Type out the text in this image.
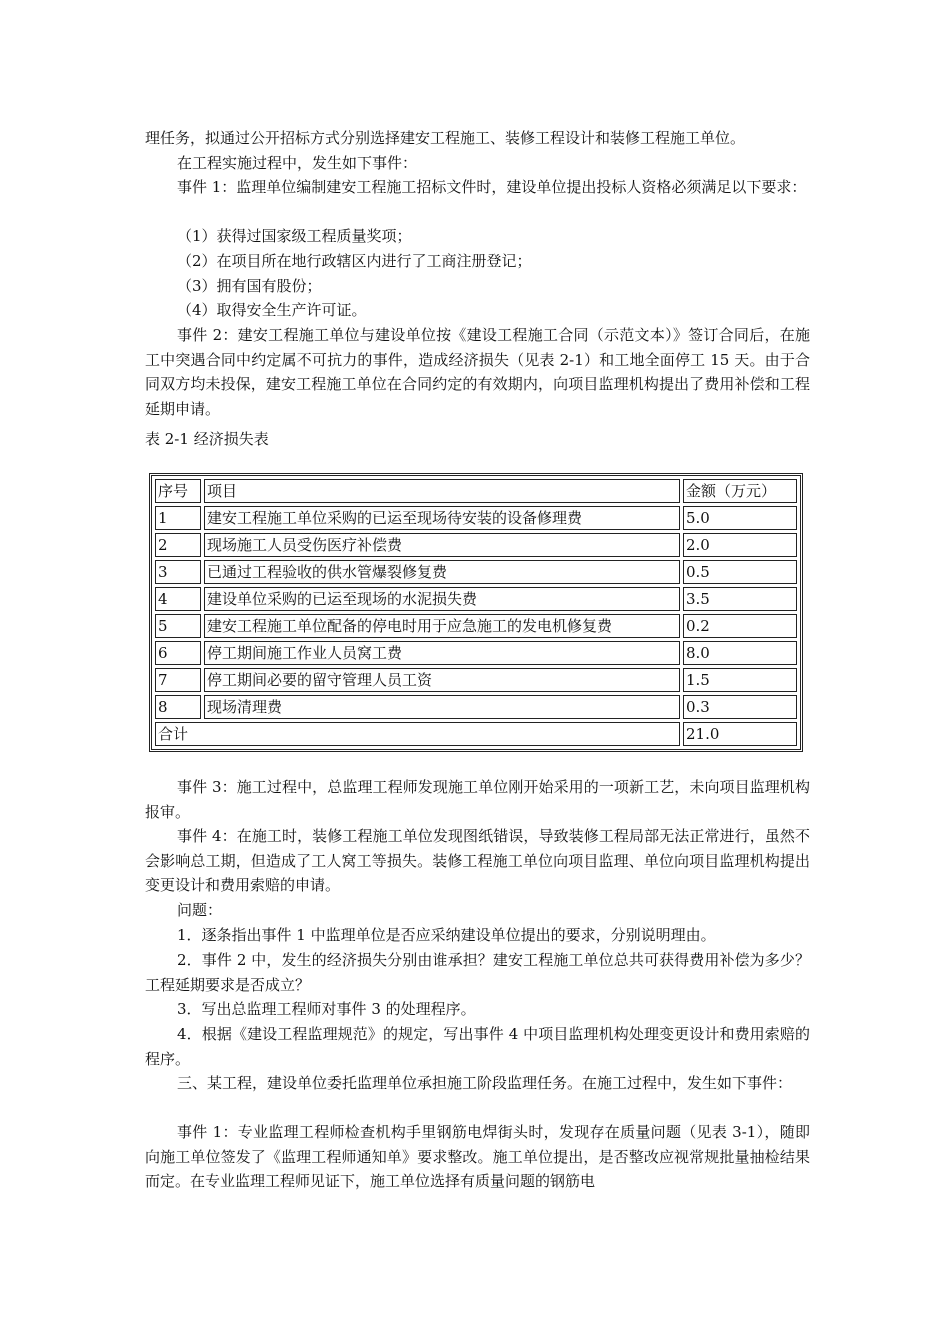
理任务，拟通过公开招标方式分别选择建安工程施工、装修工程设计和装修工程施工单位。
在工程实施过程中，发生如下事件：
事件 1：监理单位编制建安工程施工招标文件时，建设单位提出投标人资格必须满足以下要求：
（1）获得过国家级工程质量奖项；
（2）在项目所在地行政辖区内进行了工商注册登记；
（3）拥有国有股份；
（4）取得安全生产许可证。
事件 2：建安工程施工单位与建设单位按《建设工程施工合同（示范文本）》签订合同后，在施工中突遇合同中约定属不可抗力的事件，造成经济损失（见表 2-1）和工地全面停工 15 天。由于合同双方均未投保，建安工程施工单位在合同约定的有效期内，向项目监理机构提出了费用补偿和工程延期申请。
表 2-1 经济损失表
序号	项目	金额（万元）
1	建安工程施工单位采购的已运至现场待安装的设备修理费	5.0
2	现场施工人员受伤医疗补偿费	2.0
3	已通过工程验收的供水管爆裂修复费	0.5
4	建设单位采购的已运至现场的水泥损失费	3.5
5	建安工程施工单位配备的停电时用于应急施工的发电机修复费	0.2
6	停工期间施工作业人员窝工费	8.0
7	停工期间必要的留守管理人员工资	1.5
8	现场清理费	0.3
合计		21.0
事件 3：施工过程中，总监理工程师发现施工单位刚开始采用的一项新工艺，未向项目监理机构报审。
事件 4：在施工时，装修工程施工单位发现图纸错误，导致装修工程局部无法正常进行，虽然不会影响总工期，但造成了工人窝工等损失。装修工程施工单位向项目监理、单位向项目监理机构提出变更设计和费用索赔的申请。
问题：
1．逐条指出事件 1 中监理单位是否应采纳建设单位提出的要求，分别说明理由。
2．事件 2 中，发生的经济损失分别由谁承担？建安工程施工单位总共可获得费用补偿为多少？工程延期要求是否成立？
3．写出总监理工程师对事件 3 的处理程序。
4．根据《建设工程监理规范》的规定，写出事件 4 中项目监理机构处理变更设计和费用索赔的程序。
三、某工程，建设单位委托监理单位承担施工阶段监理任务。在施工过程中，发生如下事件：
事件 1：专业监理工程师检查机构手里钢筋电焊街头时，发现存在质量问题（见表 3-1），随即向施工单位签发了《监理工程师通知单》要求整改。施工单位提出，是否整改应视常规批量抽检结果而定。在专业监理工程师见证下，施工单位选择有质量问题的钢筋电
